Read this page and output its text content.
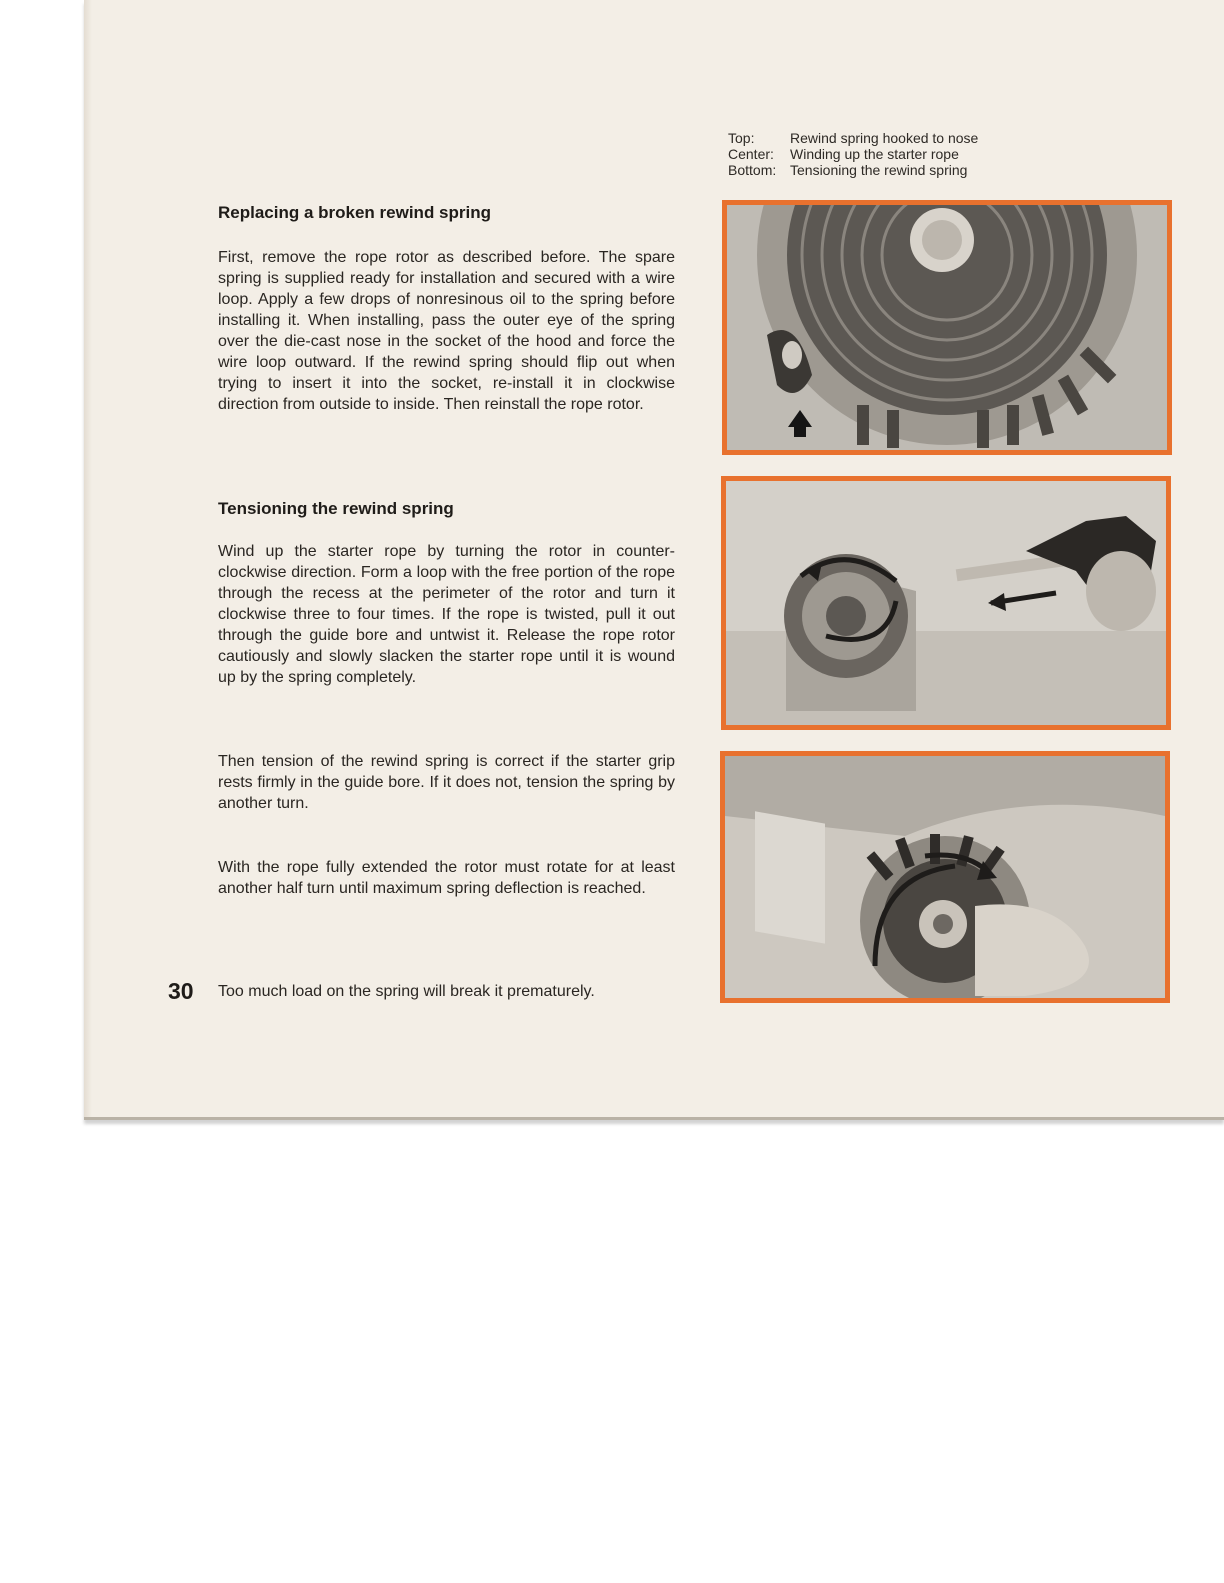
Top:	Rewind spring hooked to nose
Center:	Winding up the starter rope
Bottom: Tensioning the rewind spring
Replacing a broken rewind spring
First, remove the rope rotor as described before. The spare spring is supplied ready for installation and secured with a wire loop. Apply a few drops of nonresinous oil to the spring before installing it. When installing, pass the outer eye of the spring over the die-cast nose in the socket of the hood and force the wire loop outward. If the rewind spring should flip out when trying to insert it into the socket, re-install it in clockwise direction from outside to inside. Then reinstall the rope rotor.
Tensioning the rewind spring
Wind up the starter rope by turning the rotor in counter-clockwise direction. Form a loop with the free portion of the rope through the recess at the perimeter of the rotor and turn it clockwise three to four times. If the rope is twisted, pull it out through the guide bore and untwist it. Release the rope rotor cautiously and slowly slacken the starter rope until it is wound up by the spring completely.
Then tension of the rewind spring is correct if the starter grip rests firmly in the guide bore. If it does not, tension the spring by another turn.
With the rope fully extended the rotor must rotate for at least another half turn until maximum spring deflection is reached.
30 Too much load on the spring will break it prematurely.
